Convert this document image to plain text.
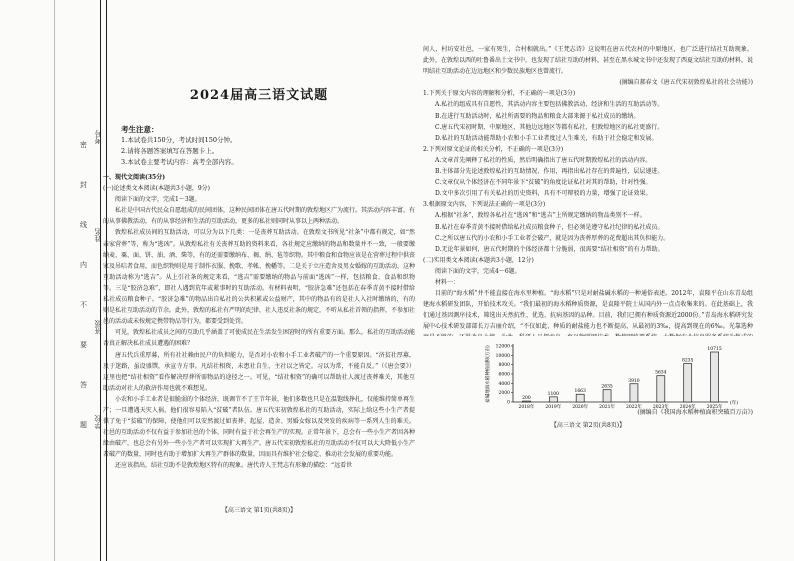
考号
姓名
班级
学校
密
封
线
内
不
要
答
题
2024届高三语文试题
考生注意：
1.本试卷共150分，考试时间150分钟。
2.请将各题答案填写在答题卡上。
3.本试卷主要考试内容：高考全部内容。

一、现代文阅读(35分)

(一)论述类文本阅读(本题共3小题，9分)

阅读下面的文字，完成1～3题。

私社是中国古代民众自愿组成的民间团体，这种民间团体在唐五代时期的敦煌地区广为流行。其活动内容丰富，有的从事佛教活动，有的从事经济和生活的互助活动，更多的私社则同时从事以上两种活动。

敦煌私社成员间的互助活动，可以分为以下几类：一是丧葬互助活动。在敦煌文书所见“社条”中都有规定，如“然亲家营葬”等，称为“逃凶”。从敦煌私社有关丧葬互助的资料来看，各社规定应缴纳的物品和数量并不一致，一般要缴纳麦、粟、面、饼、油、酒、柴等，有的还需要缴纳布、褐、绢、毡等织物。其中粮食和食物应该是在营葬过程中供丧家及吊唁者食用，而色织物则是用于制作衣服、挽歌、孝帐、挽幡等。二是关于立庄造舍及男女婚嫁的互助活动，这种互助活动称为“逃吉”。从上引社条的规定来看，“逃吉”需要缴纳的物品与前面“逃凶”一样，包括粮食、食品和织物等。三是“胶济急难”，即社人遇到荒年或紧事时的互助活动。有材料表明，“胶济急难”还包括在春季青黄不接时借给私社成员粮食种子。“胶济急难”的物品出自私社的公共积累或公益财产，其中的物品有的是社人入社时缴纳的，有的则是私社互助活动的节余。此外，敦煌的私社有严明的纪律，社人违反社条的规定，不听从私社首领的指挥，不参加社邑的活动或未按规定携带物品等行为，都要受到处罚。

可见，敦煌私社成员之间的互助几乎涵盖了可使成民在生活发生困窘时的所有重要方面。那么，私社的互助活动能否真正解决私社成员遭遇的困难？

唐五代兵重厚募，所有社社赖由民户的负担能力，是否对小农和小手工业者破产的一个重要原因。“济贫社厚募，及于迷路，虽设盛馔，承宣寺方事。凡结社相资，未患社自生，主社以之皆定。习以为常，不能自反。”（《唐会要》）这里也把“结社相资”看作解决厚葬所需物品的途径之一。可见，“结社相资”的确可以帮助社人渡过丧葬难关，其他互助活动对社人的救济作用也就不难想见。

小农和小手工业者是很脆弱的个体经济，既调节不了王节年景，他们多数也只是在温饱线挣扎，仅能维持简单再生产；一旦遭遇天灾人祸，他们很容易陷入“贫破”者队伍。唐五代宋初敦煌私社的互助活动，实际上给这些小生产者提供了免于“贫破”的保障，使他们可以安然渡过如丧葬、起屋、造舍、男婚女嫁以及突发的疾病等一系列人生的难关。社邑的互助活动不仅有益于参加社邑的个体，同时有益于社会再生产的实现。正常年景下，总会有一些小生产者因各种缘由破产，也总会有另外一些小生产者可以实现扩大再生产。唐五代宋初敦煌私社的互助活动不仅可以大大降低小生产者破产的数量，同时也有助于增加扩大再生产群体的数量，因而具有维护社会稳定、推动社会发展的重要功能。

还应该指出，结社互助不是敦煌地区特有的现象。唐代诗人王梵志有形象的描绘：“远看世

【高三语文 第1页(共8页)】

间人，村坊安社邑，一家有死生，合村相就出。”《王梵志诗》这说明在唐五代农村的中原地区，也广泛进行结社互助现象。此外，在敦煌以西的吐鲁番出土文书中，也发现了结社互助的材料，甚至在黑水城文书中还发现了西夏文结社互助的材料，说明结社互助活动在边远地区和少数民族地区也曾流行。

(摘编自郝春文《唐五代宋初敦煌私社的社会功能》)

1.下列关于原文内容的理解和分析，不正确的一项是(3分)

A.私社的组成具有自愿性，其活动内容主要包括佛教活动、经济和生活的互助活动等。

B.在进行互助活动时，私社所需要的物品和粮食大部来源于私社成员的缴纳。

C.唐五代宋初时期，中原地区、其他边远地区等都有私社，但敦煌地区的私社更盛行。

D.私社的互助活动能帮助小农和小手工业者度过人生难关，有助于社会稳定和发展。

2.下列对原文论证的相关分析，不正确的一项是(3分)

A.文章首先阐释了私社的性质，然后明确指出了唐五代时期敦煌私社的活动内容。

B.主体部分先论述敦煌私社的互助情况、作用，再指出私社存在的普遍性，层层递进。

C.文章仅从个体经济在不同年景下“贫破”的角度论证私社对其的帮助，针对性强。

D.文中多次引用了有关私社的历史资料，具有不可辩驳的力量，增强了论证效果。

3.根据原文内容，下列说法正确的一项是(3分)

A.根据“社条”，敦煌各私社在“逃凶”和“逃吉”上所规定缴纳的物品类别不一样。

B.私社在春季青黄不接时借给私社成员粮食种子，但必须是遵守私社纪律的私社成员。

C.之所以唐五代的小农和小手工业者会破产，就是因为丧葬厚葬的花费超出其负担能力。

D.无论年景如何，唐五代时期的个体经济都十分脆弱，很需要“结社相资”的有力帮助。

(二)实用类文本阅读(本题共3小题，12分)

阅读下面的文字，完成4～6题。

材料一：

目前的“海水稻”并不能直接在海水里种植。“海水稻”只是对耐盐碱水稻的一种通俗表述。2012年，袁隆平在山东青岛组建海水稻研发团队，开始技术攻关。“我们最初的海水稻种质资源，是袁隆平院士从国内外一点点收集来的。在此基础上，我们通过基因测序技术，筛选出天然抗性、优选、抗病基因的品种。目前，我们已拥有种质资源近2000份。”青岛海水稻研究发展中心技术研发部部长万吉丽介绍，“不仅如此，种质的耐盐能力也不断提高，从最初的3‰，提高到现在的6‰。光靠选种

盐碱地海水稻种植面积(万亩)
0
2000
4000
6000
8000
10000
12000
200
2018年
1100
2019年
1663
2020年
2635
2021年
3910
2022年
5634
2023年
8235
2024年
10715
2025年
(年)
(摘编自《我国海水稻种植面积突破百万亩》)
【高三语文 第2页(共8页)】
